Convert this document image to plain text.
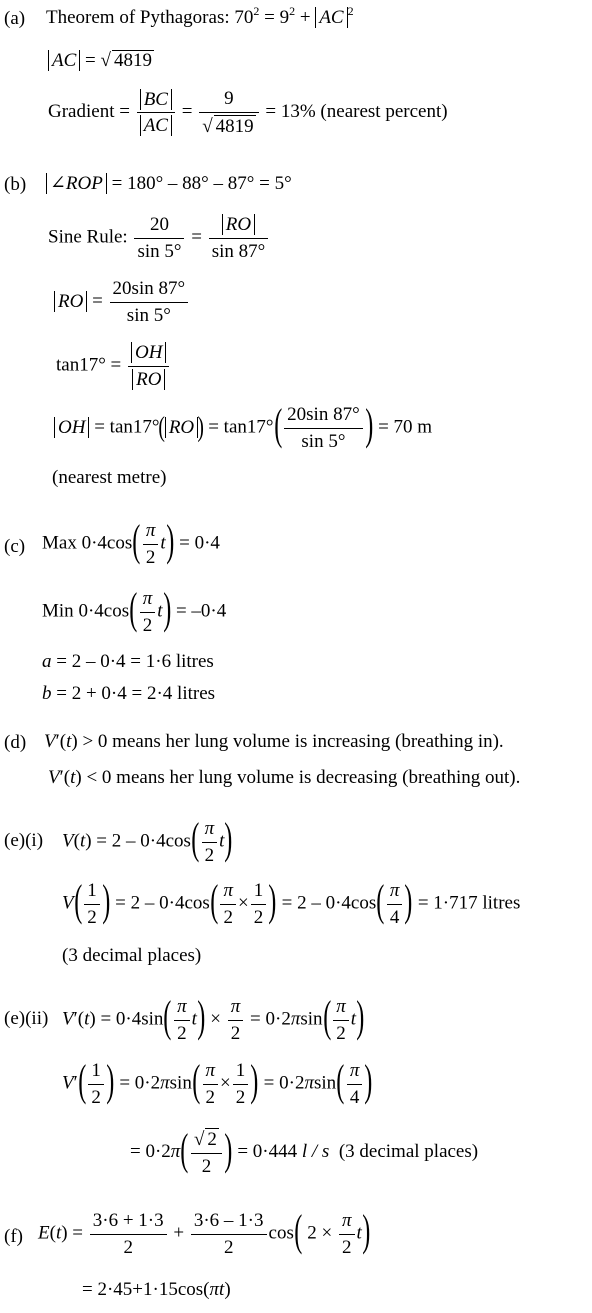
(a) Theorem of Pythagoras: $70^2 = 9^2$ + AC $^2$
AC = √ 4819
Gradient = $\frac{BC}{AC} = \frac{9}{√ 4819} = 13\%$ (nearest percent)
(b) ∠ROP = 180° – 88° – 87° = 5°
Sine Rule: $\frac{20}{\sin 5^\circ} = \frac{RO}{\sin 87^\circ}$
RO = $\frac{20\sin 87^\circ}{\sin 5^\circ}$
$\tan 17^\circ = \frac{OH}{RO}$
OH = tan17°( RO ) = $\tan 17^\circ( \frac{20\sin 87^\circ}{\sin 5^\circ}$ ) = 70 m
(nearest metre)
(c) Max $0\cdot 4\cos( \frac{\pi}{2} t) = 0\cdot 4$
Min $0\cdot 4\cos( \frac{\pi}{2} t) = -0\cdot 4$
a = 2 – 0·4 = 1·6 litres
b = 2 + 0·4 = 2·4 litres
(d) V′(t) > 0 means her lung volume is increasing (breathing in).
V′(t) < 0 means her lung volume is decreasing (breathing out).
(e)(i) $V(t) = 2 - 0\cdot 4\cos( \frac{\pi}{2} t)$
$V( \frac{1}{2}$ ) = $2 - 0\cdot 4\cos( \frac{\pi}{2} \times \frac{1}{2}$ ) = $2 - 0\cdot 4\cos( \frac{\pi}{4}$ ) = 1·717 litres
(3 decimal places)
(e)(ii) $V'(t) = 0\cdot 4\sin( \frac{\pi}{2} t) \times \frac{\pi}{2} = 0\cdot 2\pi\sin( \frac{\pi}{2} t)$
$V'( \frac{1}{2}$ ) = $0\cdot 2\pi\sin( \frac{\pi}{2} \times \frac{1}{2}$ ) = $0\cdot 2\pi\sin( \frac{\pi}{4}$ )
= $0\cdot 2\pi( \frac{√ 2}{2}$ ) = 0·444 l / s (3 decimal places)
(f) $E(t) = \frac{3\cdot 6 + 1\cdot 3}{2} + \frac{3\cdot 6 - 1\cdot 3}{2} \cos$( $2 \times \frac{\pi}{2} t$)
= 2·45+1·15cos(πt)
